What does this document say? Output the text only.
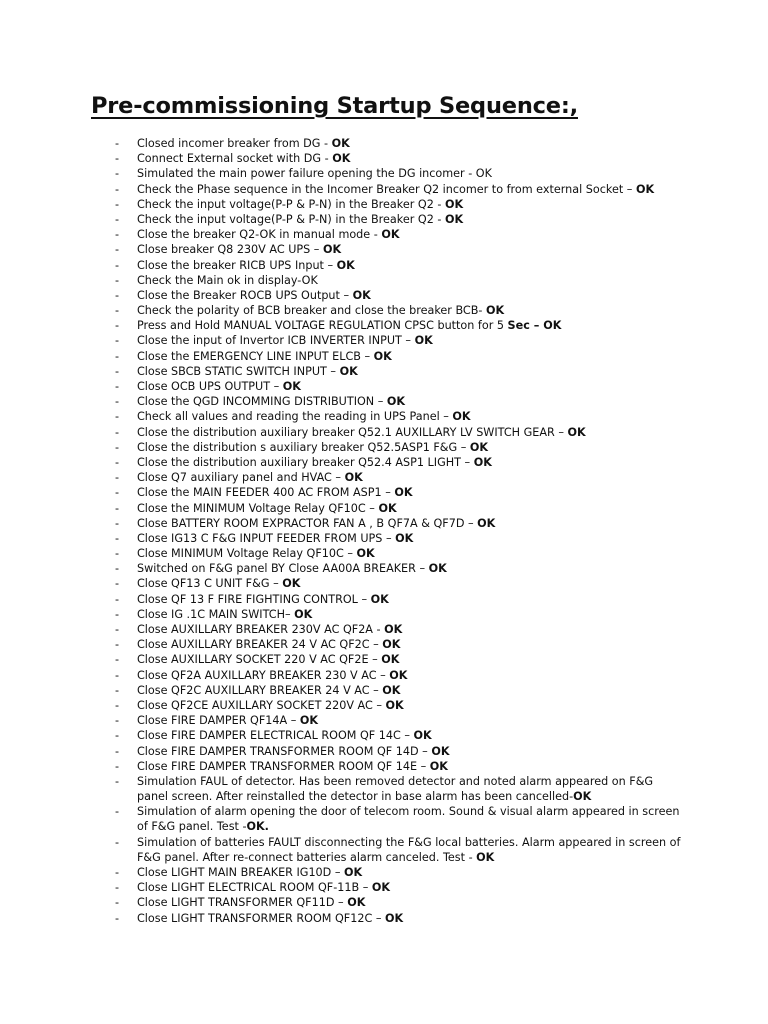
Pre-commissioning Startup Sequence:,
- Closed incomer breaker from DG - OK
- Connect External socket with DG - OK
- Simulated the main power failure opening the DG incomer - OK
- Check the Phase sequence in the Incomer Breaker Q2 incomer to from external Socket – OK
- Check the input voltage(P-P & P-N) in the Breaker Q2 - OK
- Check the input voltage(P-P & P-N) in the Breaker Q2 - OK
- Close the breaker Q2-OK in manual mode - OK
- Close breaker Q8 230V AC UPS – OK
- Close the breaker RICB UPS Input – OK
- Check the Main ok in display-OK
- Close the Breaker ROCB UPS Output – OK
- Check the polarity of BCB breaker and close the breaker BCB- OK
- Press and Hold MANUAL VOLTAGE REGULATION CPSC button for 5 Sec – OK
- Close the input of Invertor ICB INVERTER INPUT – OK
- Close the EMERGENCY LINE INPUT ELCB – OK
- Close SBCB STATIC SWITCH INPUT – OK
- Close OCB UPS OUTPUT – OK
- Close the QGD INCOMMING DISTRIBUTION – OK
- Check all values and reading the reading in UPS Panel – OK
- Close the distribution auxiliary breaker Q52.1 AUXILLARY LV SWITCH GEAR – OK
- Close the distribution s auxiliary breaker Q52.5ASP1 F&G – OK
- Close the distribution auxiliary breaker Q52.4 ASP1 LIGHT – OK
- Close Q7 auxiliary panel and HVAC – OK
- Close the MAIN FEEDER 400 AC FROM ASP1 – OK
- Close the MINIMUM Voltage Relay QF10C – OK
- Close BATTERY ROOM EXPRACTOR FAN A , B QF7A & QF7D – OK
- Close IG13 C F&G INPUT FEEDER FROM UPS – OK
- Close MINIMUM Voltage Relay QF10C – OK
- Switched on F&G panel BY Close AA00A BREAKER – OK
- Close QF13 C UNIT F&G – OK
- Close QF 13 F FIRE FIGHTING CONTROL – OK
- Close IG .1C MAIN SWITCH– OK
- Close AUXILLARY BREAKER 230V AC QF2A - OK
- Close AUXILLARY BREAKER 24 V AC QF2C – OK
- Close AUXILLARY SOCKET 220 V AC QF2E – OK
- Close QF2A AUXILLARY BREAKER 230 V AC – OK
- Close QF2C AUXILLARY BREAKER 24 V AC – OK
- Close QF2CE AUXILLARY SOCKET 220V AC – OK
- Close FIRE DAMPER QF14A – OK
- Close FIRE DAMPER ELECTRICAL ROOM QF 14C – OK
- Close FIRE DAMPER TRANSFORMER ROOM QF 14D – OK
- Close FIRE DAMPER TRANSFORMER ROOM QF 14E – OK
- Simulation FAUL of detector. Has been removed detector and noted alarm appeared on F&G panel screen. After reinstalled the detector in base alarm has been cancelled-OK
- Simulation of alarm opening the door of telecom room. Sound & visual alarm appeared in screen of F&G panel. Test -OK.
- Simulation of batteries FAULT disconnecting the F&G local batteries. Alarm appeared in screen of F&G panel. After re-connect batteries alarm canceled. Test - OK
- Close LIGHT MAIN BREAKER IG10D – OK
- Close LIGHT ELECTRICAL ROOM QF-11B – OK
- Close LIGHT TRANSFORMER QF11D – OK
- Close LIGHT TRANSFORMER ROOM QF12C – OK
